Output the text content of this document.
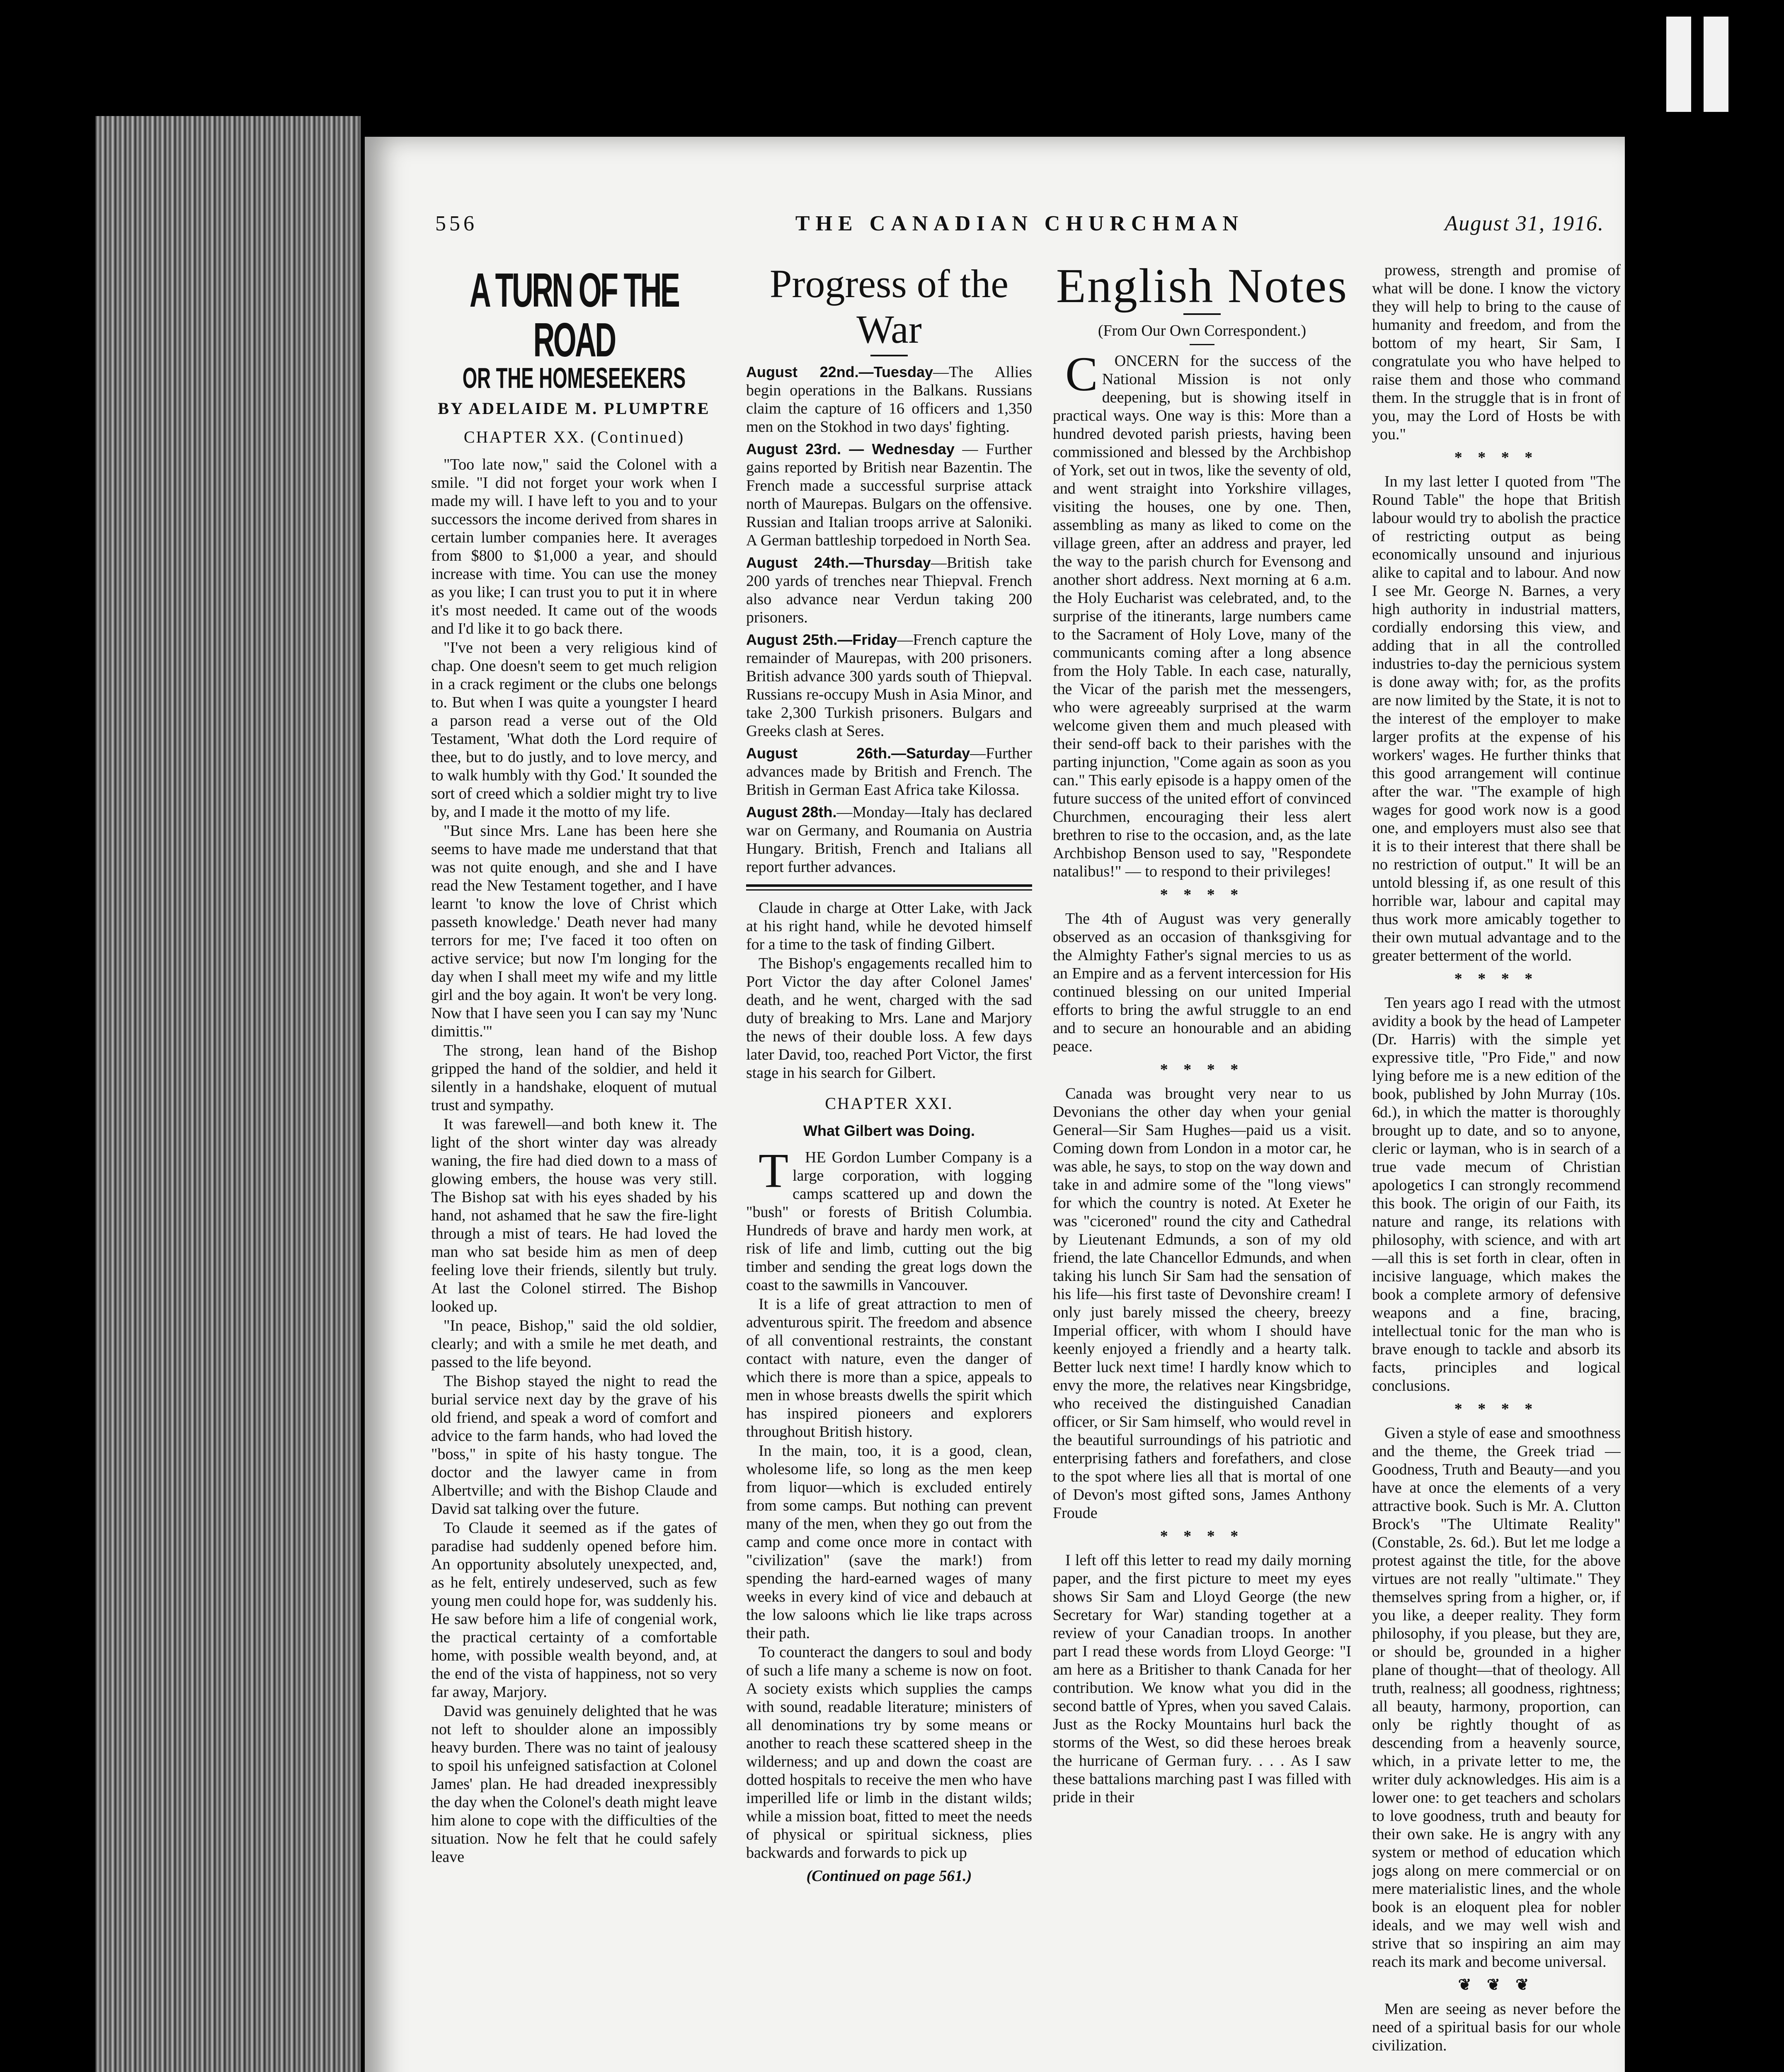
556	THE CANADIAN CHURCHMAN	August 31, 1916.
A TURN OF THE ROAD
OR THE HOMESEEKERS
BY ADELAIDE M. PLUMPTRE
CHAPTER XX. (Continued)

"Too late now," said the Colonel with a smile. "I did not forget your work when I made my will. I have left to you and to your successors the income derived from shares in certain lumber companies here. It averages from $800 to $1,000 a year, and should increase with time. You can use the money as you like; I can trust you to put it in where it's most needed. It came out of the woods and I'd like it to go back there.

"I've not been a very religious kind of chap. One doesn't seem to get much religion in a crack regiment or the clubs one belongs to. But when I was quite a youngster I heard a parson read a verse out of the Old Testament, 'What doth the Lord require of thee, but to do justly, and to love mercy, and to walk humbly with thy God.' It sounded the sort of creed which a soldier might try to live by, and I made it the motto of my life.

"But since Mrs. Lane has been here she seems to have made me understand that that was not quite enough, and she and I have read the New Testament together, and I have learnt 'to know the love of Christ which passeth knowledge.' Death never had many terrors for me; I've faced it too often on active service; but now I'm longing for the day when I shall meet my wife and my little girl and the boy again. It won't be very long. Now that I have seen you I can say my 'Nunc dimittis.'"

The strong, lean hand of the Bishop gripped the hand of the soldier, and held it silently in a handshake, eloquent of mutual trust and sympathy.

It was farewell—and both knew it. The light of the short winter day was already waning, the fire had died down to a mass of glowing embers, the house was very still. The Bishop sat with his eyes shaded by his hand, not ashamed that he saw the fire-light through a mist of tears. He had loved the man who sat beside him as men of deep feeling love their friends, silently but truly. At last the Colonel stirred. The Bishop looked up.

"In peace, Bishop," said the old soldier, clearly; and with a smile he met death, and passed to the life beyond.

The Bishop stayed the night to read the burial service next day by the grave of his old friend, and speak a word of comfort and advice to the farm hands, who had loved the "boss," in spite of his hasty tongue. The doctor and the lawyer came in from Albertville; and with the Bishop Claude and David sat talking over the future.

To Claude it seemed as if the gates of paradise had suddenly opened before him. An opportunity absolutely unexpected, and, as he felt, entirely undeserved, such as few young men could hope for, was suddenly his. He saw before him a life of congenial work, the practical certainty of a comfortable home, with possible wealth beyond, and, at the end of the vista of happiness, not so very far away, Marjory.

David was genuinely delighted that he was not left to shoulder alone an impossibly heavy burden. There was no taint of jealousy to spoil his unfeigned satisfaction at Colonel James' plan. He had dreaded inexpressibly the day when the Colonel's death might leave him alone to cope with the difficulties of the situation. Now he felt that he could safely leave

Progress of the War
August 22nd.—Tuesday—The Allies begin operations in the Balkans. Russians claim the capture of 16 officers and 1,350 men on the Stokhod in two days' fighting.
August 23rd. — Wednesday — Further gains reported by British near Bazentin. The French made a successful surprise attack north of Maurepas. Bulgars on the offensive. Russian and Italian troops arrive at Saloniki. A German battleship torpedoed in North Sea.
August 24th.—Thursday—British take 200 yards of trenches near Thiepval. French also advance near Verdun taking 200 prisoners.
August 25th.—Friday—French capture the remainder of Maurepas, with 200 prisoners. British advance 300 yards south of Thiepval. Russians re-occupy Mush in Asia Minor, and take 2,300 Turkish prisoners. Bulgars and Greeks clash at Seres.
August 26th.—Saturday—Further advances made by British and French. The British in German East Africa take Kilossa.
August 28th.—Monday—Italy has declared war on Germany, and Roumania on Austria Hungary. British, French and Italians all report further advances.

Claude in charge at Otter Lake, with Jack at his right hand, while he devoted himself for a time to the task of finding Gilbert.

The Bishop's engagements recalled him to Port Victor the day after Colonel James' death, and he went, charged with the sad duty of breaking to Mrs. Lane and Marjory the news of their double loss. A few days later David, too, reached Port Victor, the first stage in his search for Gilbert.

CHAPTER XXI.
What Gilbert was Doing.

THE Gordon Lumber Company is a large corporation, with logging camps scattered up and down the "bush" or forests of British Columbia. Hundreds of brave and hardy men work, at risk of life and limb, cutting out the big timber and sending the great logs down the coast to the sawmills in Vancouver.

It is a life of great attraction to men of adventurous spirit. The freedom and absence of all conventional restraints, the constant contact with nature, even the danger of which there is more than a spice, appeals to men in whose breasts dwells the spirit which has inspired pioneers and explorers throughout British history.

In the main, too, it is a good, clean, wholesome life, so long as the men keep from liquor—which is excluded entirely from some camps. But nothing can prevent many of the men, when they go out from the camp and come once more in contact with "civilization" (save the mark!) from spending the hard-earned wages of many weeks in every kind of vice and debauch at the low saloons which lie like traps across their path.

To counteract the dangers to soul and body of such a life many a scheme is now on foot. A society exists which supplies the camps with sound, readable literature; ministers of all denominations try by some means or another to reach these scattered sheep in the wilderness; and up and down the coast are dotted hospitals to receive the men who have imperilled life or limb in the distant wilds; while a mission boat, fitted to meet the needs of physical or spiritual sickness, plies backwards and forwards to pick up

(Continued on page 561.)
English Notes
(From Our Own Correspondent.)

CONCERN for the success of the National Mission is not only deepening, but is showing itself in practical ways. One way is this: More than a hundred devoted parish priests, having been commissioned and blessed by the Archbishop of York, set out in twos, like the seventy of old, and went straight into Yorkshire villages, visiting the houses, one by one. Then, assembling as many as liked to come on the village green, after an address and prayer, led the way to the parish church for Evensong and another short address. Next morning at 6 a.m. the Holy Eucharist was celebrated, and, to the surprise of the itinerants, large numbers came to the Sacrament of Holy Love, many of the communicants coming after a long absence from the Holy Table. In each case, naturally, the Vicar of the parish met the messengers, who were agreeably surprised at the warm welcome given them and much pleased with their send-off back to their parishes with the parting injunction, "Come again as soon as you can." This early episode is a happy omen of the future success of the united effort of convinced Churchmen, encouraging their less alert brethren to rise to the occasion, and, as the late Archbishop Benson used to say, "Respondete natalibus!" — to respond to their privileges!

* * * *

The 4th of August was very generally observed as an occasion of thanksgiving for the Almighty Father's signal mercies to us as an Empire and as a fervent intercession for His continued blessing on our united Imperial efforts to bring the awful struggle to an end and to secure an honourable and an abiding peace.

* * * *

Canada was brought very near to us Devonians the other day when your genial General—Sir Sam Hughes—paid us a visit. Coming down from London in a motor car, he was able, he says, to stop on the way down and take in and admire some of the "long views" for which the country is noted. At Exeter he was "ciceroned" round the city and Cathedral by Lieutenant Edmunds, a son of my old friend, the late Chancellor Edmunds, and when taking his lunch Sir Sam had the sensation of his life—his first taste of Devonshire cream! I only just barely missed the cheery, breezy Imperial officer, with whom I should have keenly enjoyed a friendly and a hearty talk. Better luck next time! I hardly know which to envy the more, the relatives near Kingsbridge, who received the distinguished Canadian officer, or Sir Sam himself, who would revel in the beautiful surroundings of his patriotic and enterprising fathers and forefathers, and close to the spot where lies all that is mortal of one of Devon's most gifted sons, James Anthony Froude

* * * *

I left off this letter to read my daily morning paper, and the first picture to meet my eyes shows Sir Sam and Lloyd George (the new Secretary for War) standing together at a review of your Canadian troops. In another part I read these words from Lloyd George: "I am here as a Britisher to thank Canada for her contribution. We know what you did in the second battle of Ypres, when you saved Calais. Just as the Rocky Mountains hurl back the storms of the West, so did these heroes break the hurricane of German fury. . . . As I saw these battalions marching past I was filled with pride in their

prowess, strength and promise of what will be done. I know the victory they will help to bring to the cause of humanity and freedom, and from the bottom of my heart, Sir Sam, I congratulate you who have helped to raise them and those who command them. In the struggle that is in front of you, may the Lord of Hosts be with you."

* * * *

In my last letter I quoted from "The Round Table" the hope that British labour would try to abolish the practice of restricting output as being economically unsound and injurious alike to capital and to labour. And now I see Mr. George N. Barnes, a very high authority in industrial matters, cordially endorsing this view, and adding that in all the controlled industries to-day the pernicious system is done away with; for, as the profits are now limited by the State, it is not to the interest of the employer to make larger profits at the expense of his workers' wages. He further thinks that this good arrangement will continue after the war. "The example of high wages for good work now is a good one, and employers must also see that it is to their interest that there shall be no restriction of output." It will be an untold blessing if, as one result of this horrible war, labour and capital may thus work more amicably together to their own mutual advantage and to the greater betterment of the world.

* * * *

Ten years ago I read with the utmost avidity a book by the head of Lampeter (Dr. Harris) with the simple yet expressive title, "Pro Fide," and now lying before me is a new edition of the book, published by John Murray (10s. 6d.), in which the matter is thoroughly brought up to date, and so to anyone, cleric or layman, who is in search of a true vade mecum of Christian apologetics I can strongly recommend this book. The origin of our Faith, its nature and range, its relations with philosophy, with science, and with art—all this is set forth in clear, often in incisive language, which makes the book a complete armory of defensive weapons and a fine, bracing, intellectual tonic for the man who is brave enough to tackle and absorb its facts, principles and logical conclusions.

* * * *

Given a style of ease and smoothness and the theme, the Greek triad —Goodness, Truth and Beauty—and you have at once the elements of a very attractive book. Such is Mr. A. Clutton Brock's "The Ultimate Reality" (Constable, 2s. 6d.). But let me lodge a protest against the title, for the above virtues are not really "ultimate." They themselves spring from a higher, or, if you like, a deeper reality. They form philosophy, if you please, but they are, or should be, grounded in a higher plane of thought—that of theology. All truth, realness; all goodness, rightness; all beauty, harmony, proportion, can only be rightly thought of as descending from a heavenly source, which, in a private letter to me, the writer duly acknowledges. His aim is a lower one: to get teachers and scholars to love goodness, truth and beauty for their own sake. He is angry with any system or method of education which jogs along on mere commercial or on mere materialistic lines, and the whole book is an eloquent plea for nobler ideals, and we may well wish and strive that so inspiring an aim may reach its mark and become universal.

❦ ❦ ❦

Men are seeing as never before the need of a spiritual basis for our whole civilization.
